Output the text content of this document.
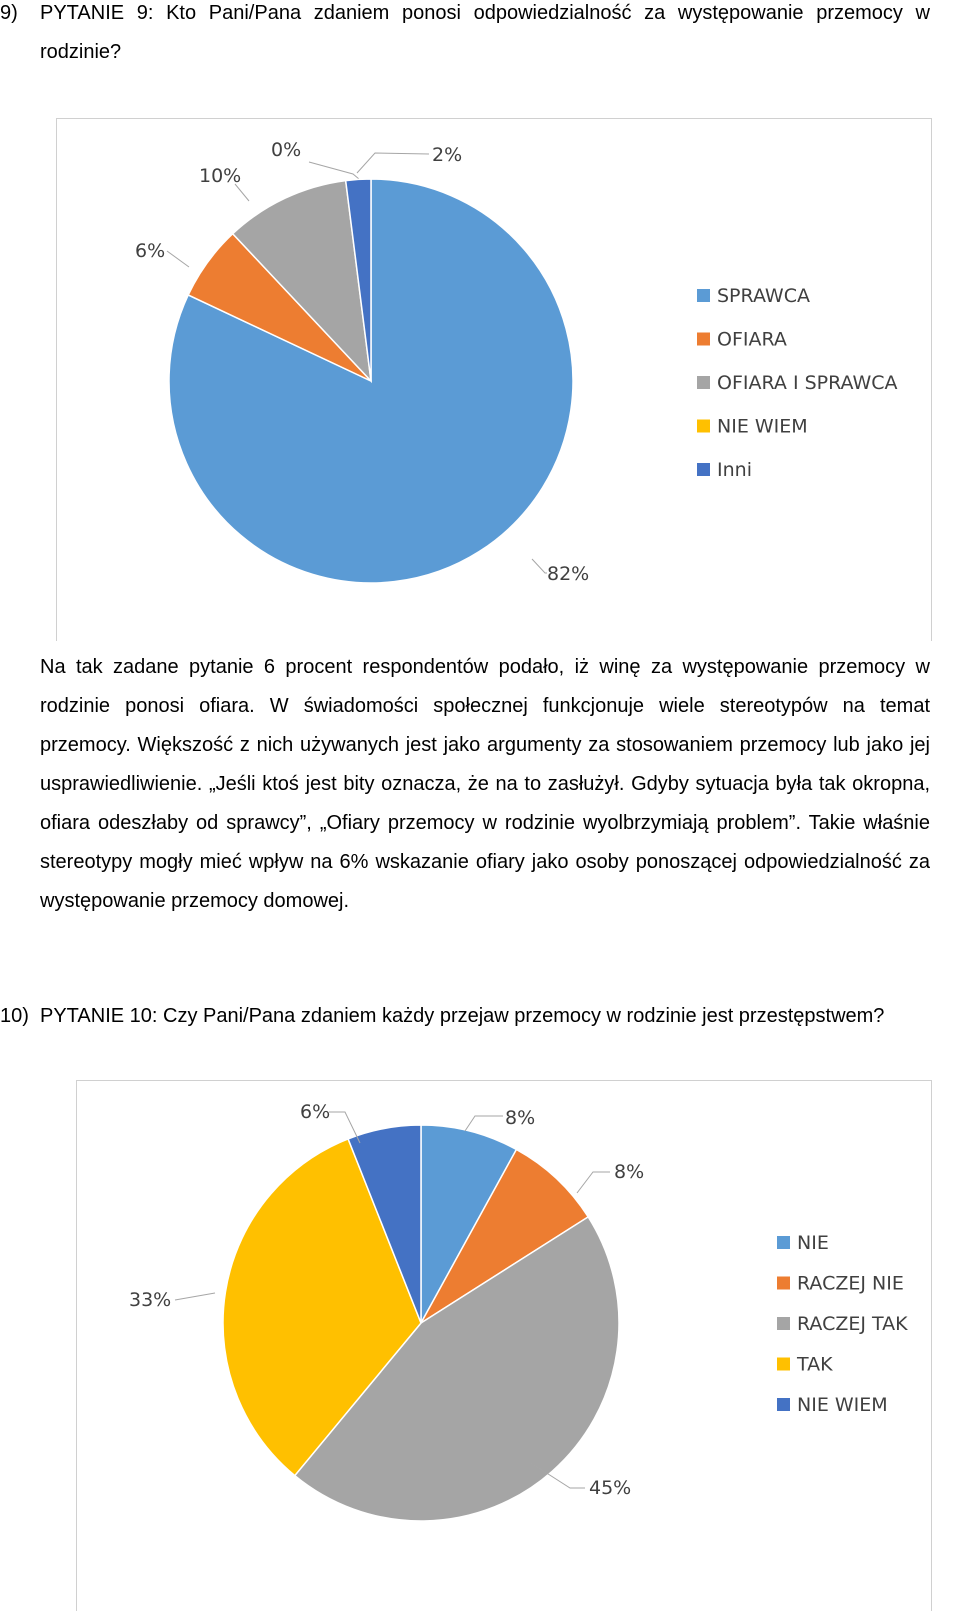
9) PYTANIE 9: Kto Pani/Pana zdaniem ponosi odpowiedzialność za występowanie przemocy w rodzinie?
82%
6%
10%
0%	2%
SPRAWCA
OFIARA
OFIARA I SPRAWCA
NIE WIEM
Inni
Na tak zadane pytanie 6 procent respondentów podało, iż winę za występowanie przemocy w rodzinie ponosi ofiara. W świadomości społecznej funkcjonuje wiele stereotypów na temat przemocy. Większość z nich używanych jest jako argumenty za stosowaniem przemocy lub jako jej usprawiedliwienie. „Jeśli ktoś jest bity oznacza, że na to zasłużył. Gdyby sytuacja była tak okropna, ofiara odeszłaby od sprawcy”, „Ofiary przemocy w rodzinie wyolbrzymiają problem”. Takie właśnie stereotypy mogły mieć wpływ na 6% wskazanie ofiary jako osoby ponoszącej odpowiedzialność za występowanie przemocy domowej.
10) PYTANIE 10: Czy Pani/Pana zdaniem każdy przejaw przemocy w rodzinie jest przestępstwem?
8%
8%
45%
33%
6%
NIE
RACZEJ NIE
RACZEJ TAK
TAK
NIE WIEM
